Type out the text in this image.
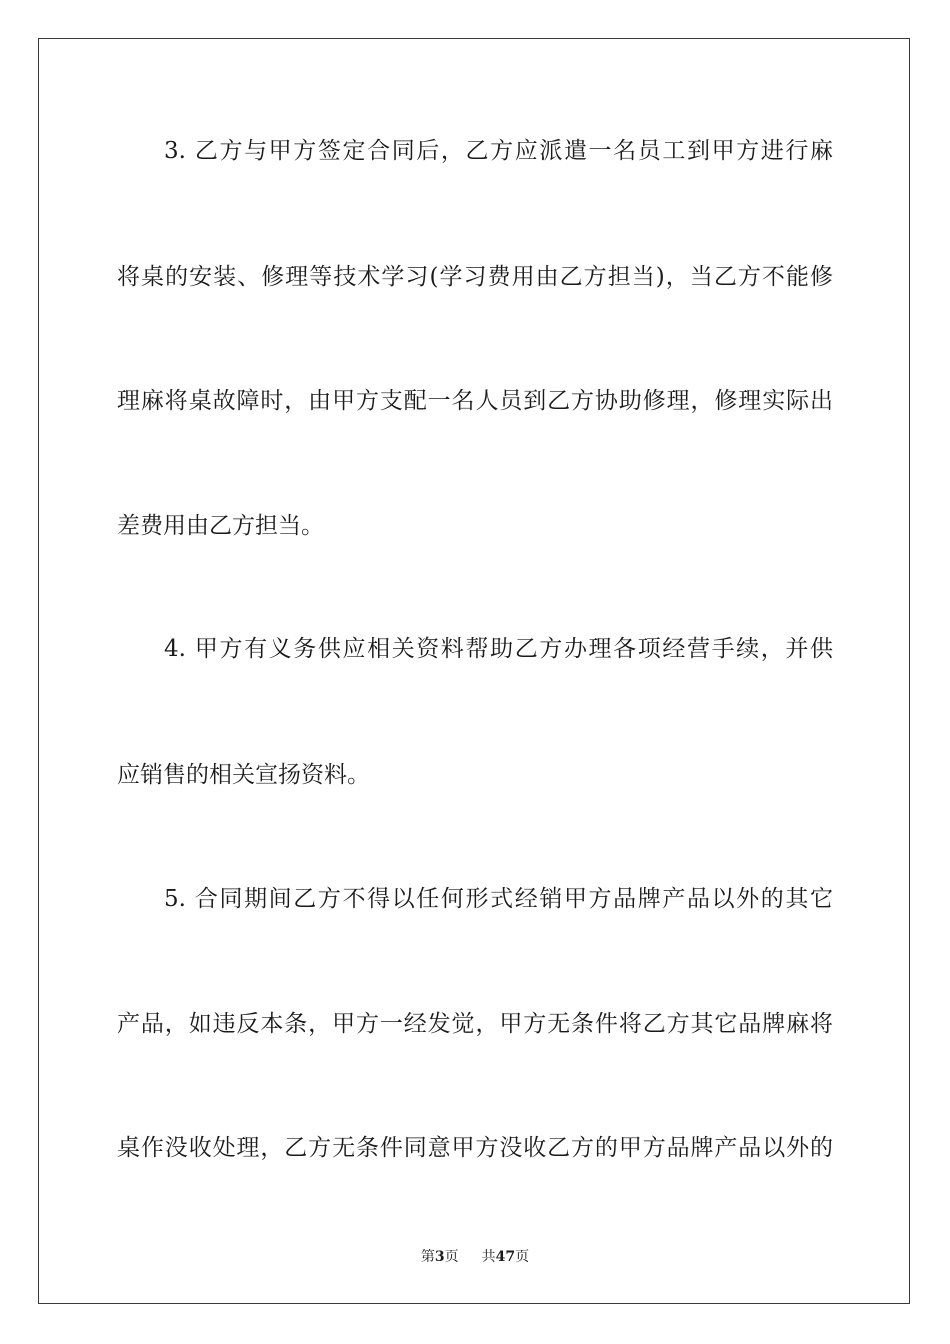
3. 乙方与甲方签定合同后，乙方应派遣一名员工到甲方进行麻
将桌的安装、修理等技术学习(学习费用由乙方担当)，当乙方不能修
理麻将桌故障时，由甲方支配一名人员到乙方协助修理，修理实际出
差费用由乙方担当。
4. 甲方有义务供应相关资料帮助乙方办理各项经营手续，并供
应销售的相关宣扬资料。
5. 合同期间乙方不得以任何形式经销甲方品牌产品以外的其它
产品，如违反本条，甲方一经发觉，甲方无条件将乙方其它品牌麻将
桌作没收处理，乙方无条件同意甲方没收乙方的甲方品牌产品以外的
第3页 共47页
